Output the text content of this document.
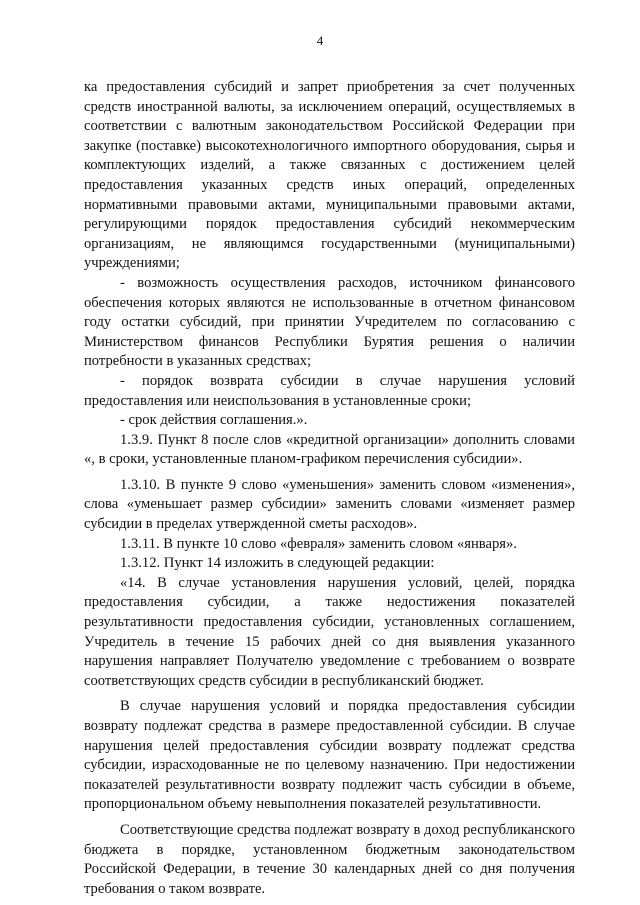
4

ка предоставления субсидий и запрет приобретения за счет полученных средств иностранной валюты, за исключением операций, осуществляемых в соответствии с валютным законодательством Российской Федерации при закупке (поставке) высокотехнологичного импортного оборудования, сырья и комплектующих изделий, а также связанных с достижением целей предоставления указанных средств иных операций, определенных нормативными правовыми актами, муниципальными правовыми актами, регулирующими порядок предоставления субсидий некоммерческим организациям, не являющимся государственными (муниципальными) учреждениями;

- возможность осуществления расходов, источником финансового обеспечения которых являются не использованные в отчетном финансовом году остатки субсидий, при принятии Учредителем по согласованию с Министерством финансов Республики Бурятия решения о наличии потребности в указанных средствах;

- порядок возврата субсидии в случае нарушения условий предоставления или неиспользования в установленные сроки;

- срок действия соглашения.».

1.3.9. Пункт 8 после слов «кредитной организации» дополнить словами «, в сроки, установленные планом-графиком перечисления субсидии».

1.3.10. В пункте 9 слово «уменьшения» заменить словом «изменения», слова «уменьшает размер субсидии» заменить словами «изменяет размер субсидии в пределах утвержденной сметы расходов».

1.3.11. В пункте 10 слово «февраля» заменить словом «января».

1.3.12. Пункт 14 изложить в следующей редакции:

«14. В случае установления нарушения условий, целей, порядка предоставления субсидии, а также недостижения показателей результативности предоставления субсидии, установленных соглашением, Учредитель в течение 15 рабочих дней со дня выявления указанного нарушения направляет Получателю уведомление с требованием о возврате соответствующих средств субсидии в республиканский бюджет.

В случае нарушения условий и порядка предоставления субсидии возврату подлежат средства в размере предоставленной субсидии. В случае нарушения целей предоставления субсидии возврату подлежат средства субсидии, израсходованные не по целевому назначению. При недостижении показателей результативности возврату подлежит часть субсидии в объеме, пропорциональном объему невыполнения показателей результативности.

Соответствующие средства подлежат возврату в доход республиканского бюджета в порядке, установленном бюджетным законодательством Российской Федерации, в течение 30 календарных дней со дня получения требования о таком возврате.
